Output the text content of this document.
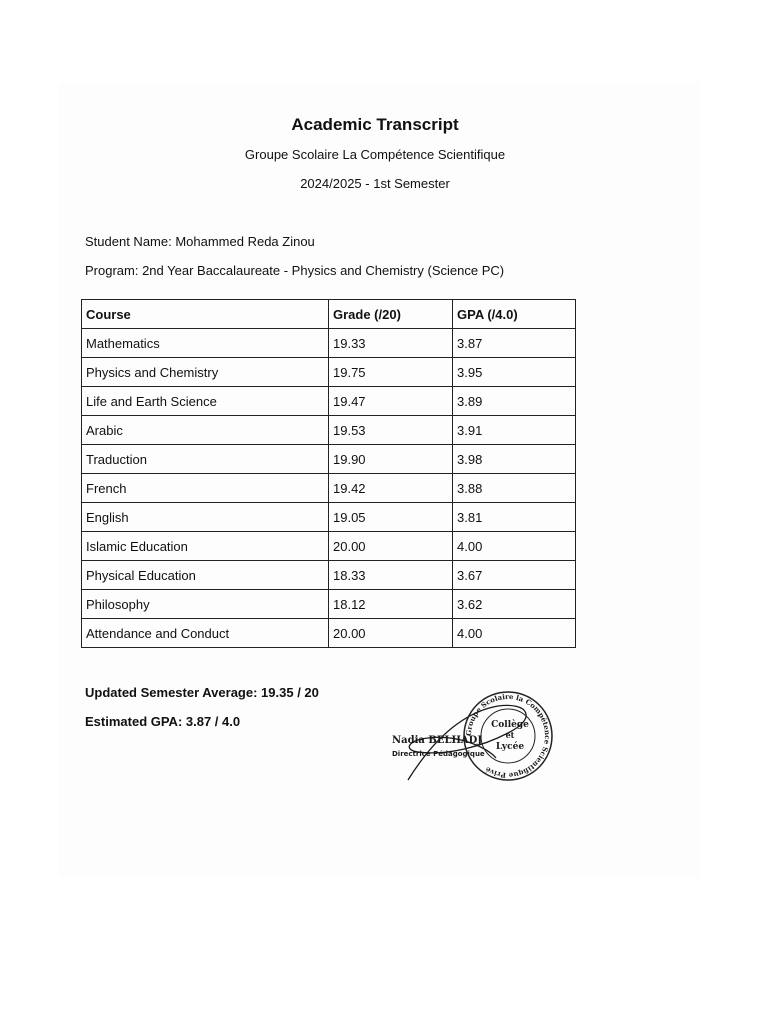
Academic Transcript
Groupe Scolaire La Compétence Scientifique
2024/2025 - 1st Semester
Student Name: Mohammed Reda Zinou
Program: 2nd Year Baccalaureate - Physics and Chemistry (Science PC)
Course	Grade (/20)	GPA (/4.0)
Mathematics	19.33	3.87
Physics and Chemistry	19.75	3.95
Life and Earth Science	19.47	3.89
Arabic	19.53	3.91
Traduction	19.90	3.98
French	19.42	3.88
English	19.05	3.81
Islamic Education	20.00	4.00
Physical Education	18.33	3.67
Philosophy	18.12	3.62
Attendance and Conduct	20.00	4.00
Updated Semester Average: 19.35 / 20
Estimated GPA: 3.87 / 4.0
Groupe Scolaire la Compétence Scientifique Privé
Collège
et
Lycée
Nadia BELHADJ
Directrice Pédagogique
